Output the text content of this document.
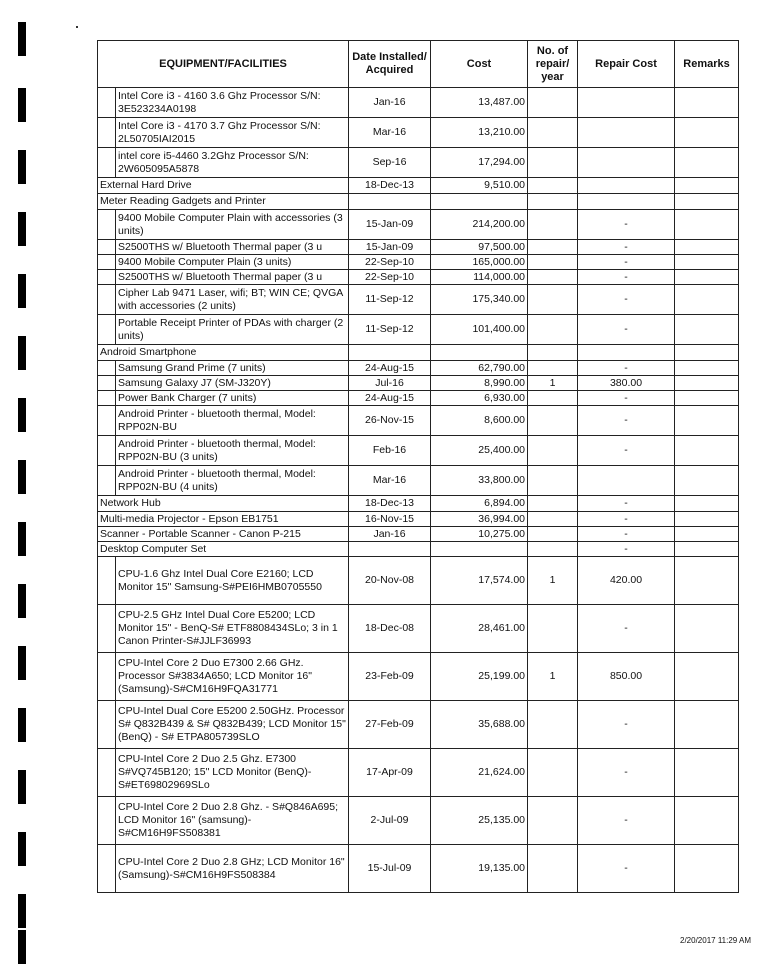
EQUIPMENT/FACILITIES		Date Installed/ Acquired	Cost	No. of repair/ year	Repair Cost	Remarks
	Intel Core i3 - 4160 3.6 Ghz Processor S/N: 3E523234A0198	Jan-16	13,487.00			
	Intel Core i3 - 4170 3.7 Ghz Processor S/N: 2L50705IAI2015	Mar-16	13,210.00			
	intel core i5-4460 3.2Ghz Processor S/N: 2W605095A5878	Sep-16	17,294.00			
External Hard Drive		18-Dec-13	9,510.00			
Meter Reading Gadgets and Printer						
	9400 Mobile Computer Plain with accessories (3 units)	15-Jan-09	214,200.00		-	
	S2500THS w/ Bluetooth Thermal paper (3 u	15-Jan-09	97,500.00		-	
	9400 Mobile Computer Plain (3 units)	22-Sep-10	165,000.00		-	
	S2500THS w/ Bluetooth Thermal paper (3 u	22-Sep-10	114,000.00		-	
	Cipher Lab 9471 Laser, wifi; BT; WIN CE; QVGA with accessories (2 units)	11-Sep-12	175,340.00		-	
	Portable Receipt Printer of PDAs with charger (2 units)	11-Sep-12	101,400.00		-	
Android Smartphone						
	Samsung Grand Prime (7 units)	24-Aug-15	62,790.00		-	
	Samsung Galaxy J7 (SM-J320Y)	Jul-16	8,990.00	1	380.00	
	Power Bank Charger (7 units)	24-Aug-15	6,930.00		-	
	Android Printer - bluetooth thermal, Model: RPP02N-BU	26-Nov-15	8,600.00		-	
	Android Printer - bluetooth thermal, Model: RPP02N-BU (3 units)	Feb-16	25,400.00		-	
	Android Printer - bluetooth thermal, Model: RPP02N-BU (4 units)	Mar-16	33,800.00			
Network Hub		18-Dec-13	6,894.00		-	
Multi-media Projector - Epson EB1751		16-Nov-15	36,994.00		-	
Scanner - Portable Scanner - Canon P-215		Jan-16	10,275.00		-	
Desktop Computer Set					-	
	CPU-1.6 Ghz Intel Dual Core E2160; LCD Monitor 15" Samsung-S#PEI6HMB0705550	20-Nov-08	17,574.00	1	420.00	
	CPU-2.5 GHz Intel Dual Core E5200; LCD Monitor 15" - BenQ-S# ETF8808434SLo; 3 in 1 Canon Printer-S#JJLF36993	18-Dec-08	28,461.00		-	
	CPU-Intel Core 2 Duo E7300 2.66 GHz. Processor S#3834A650; LCD Monitor 16" (Samsung)-S#CM16H9FQA31771	23-Feb-09	25,199.00	1	850.00	
	CPU-Intel Dual Core E5200 2.50GHz. Processor S# Q832B439 & S# Q832B439; LCD Monitor 15" (BenQ) - S# ETPA805739SLO	27-Feb-09	35,688.00		-	
	CPU-Intel Core 2 Duo 2.5 Ghz. E7300 S#VQ745B120; 15" LCD Monitor (BenQ)-S#ET69802969SLo	17-Apr-09	21,624.00		-	
	CPU-Intel Core 2 Duo 2.8 Ghz. - S#Q846A695; LCD Monitor 16" (samsung)-S#CM16H9FS508381	2-Jul-09	25,135.00		-	
	CPU-Intel Core 2 Duo 2.8 GHz; LCD Monitor 16" (Samsung)-S#CM16H9FS508384	15-Jul-09	19,135.00		-	
2/20/2017 11:29 AM
